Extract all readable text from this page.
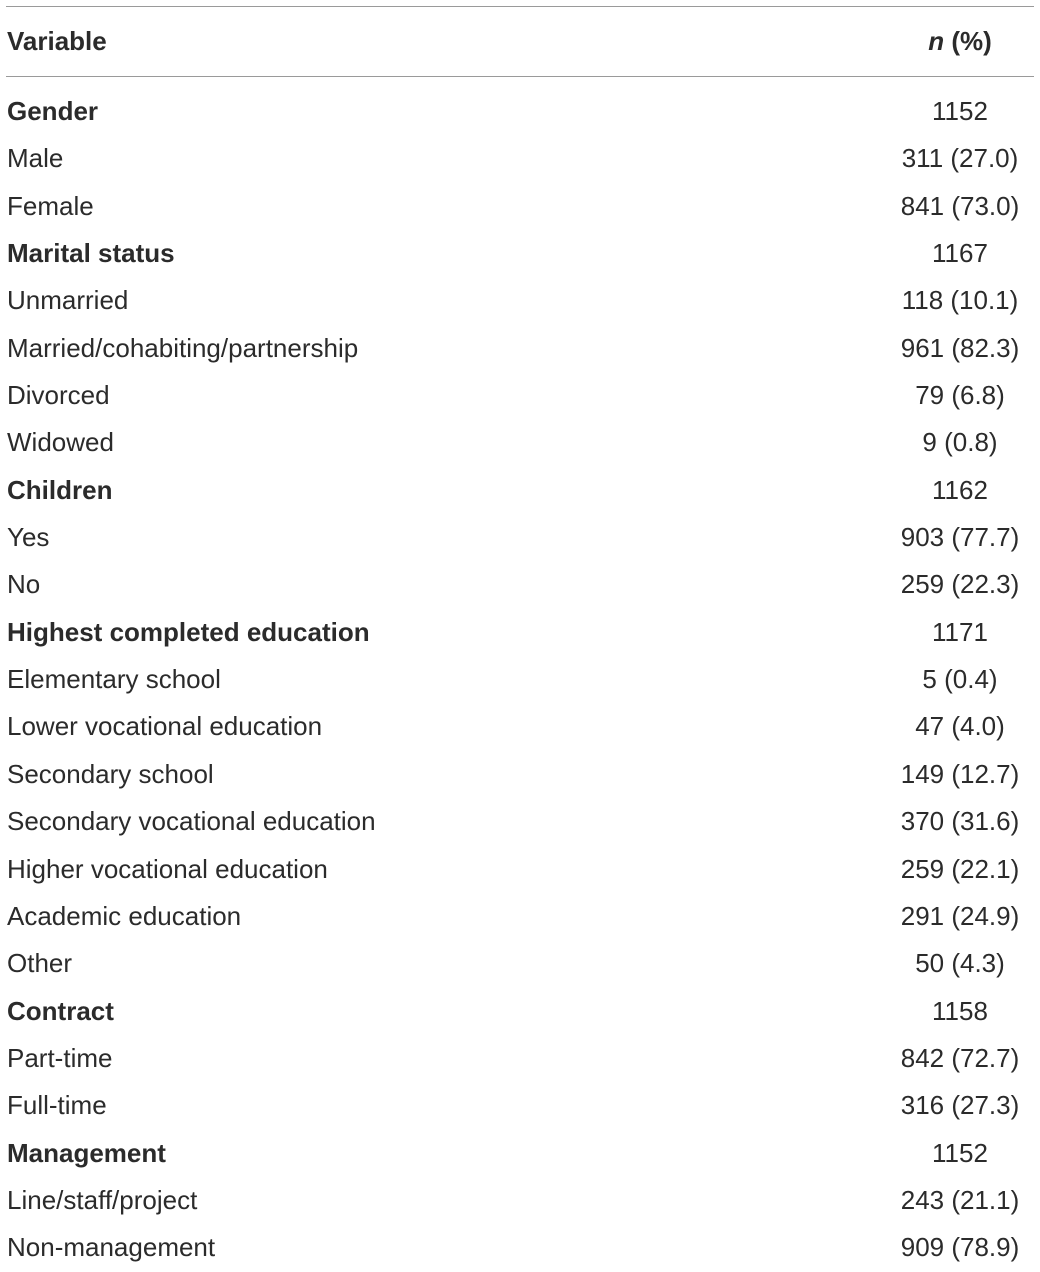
Variable	n (%)
Gender	1152
Male	311 (27.0)
Female	841 (73.0)
Marital status	1167
Unmarried	118 (10.1)
Married/cohabiting/partnership	961 (82.3)
Divorced	79 (6.8)
Widowed	9 (0.8)
Children	1162
Yes	903 (77.7)
No	259 (22.3)
Highest completed education	1171
Elementary school	5 (0.4)
Lower vocational education	47 (4.0)
Secondary school	149 (12.7)
Secondary vocational education	370 (31.6)
Higher vocational education	259 (22.1)
Academic education	291 (24.9)
Other	50 (4.3)
Contract	1158
Part-time	842 (72.7)
Full-time	316 (27.3)
Management	1152
Line/staff/project	243 (21.1)
Non-management	909 (78.9)
